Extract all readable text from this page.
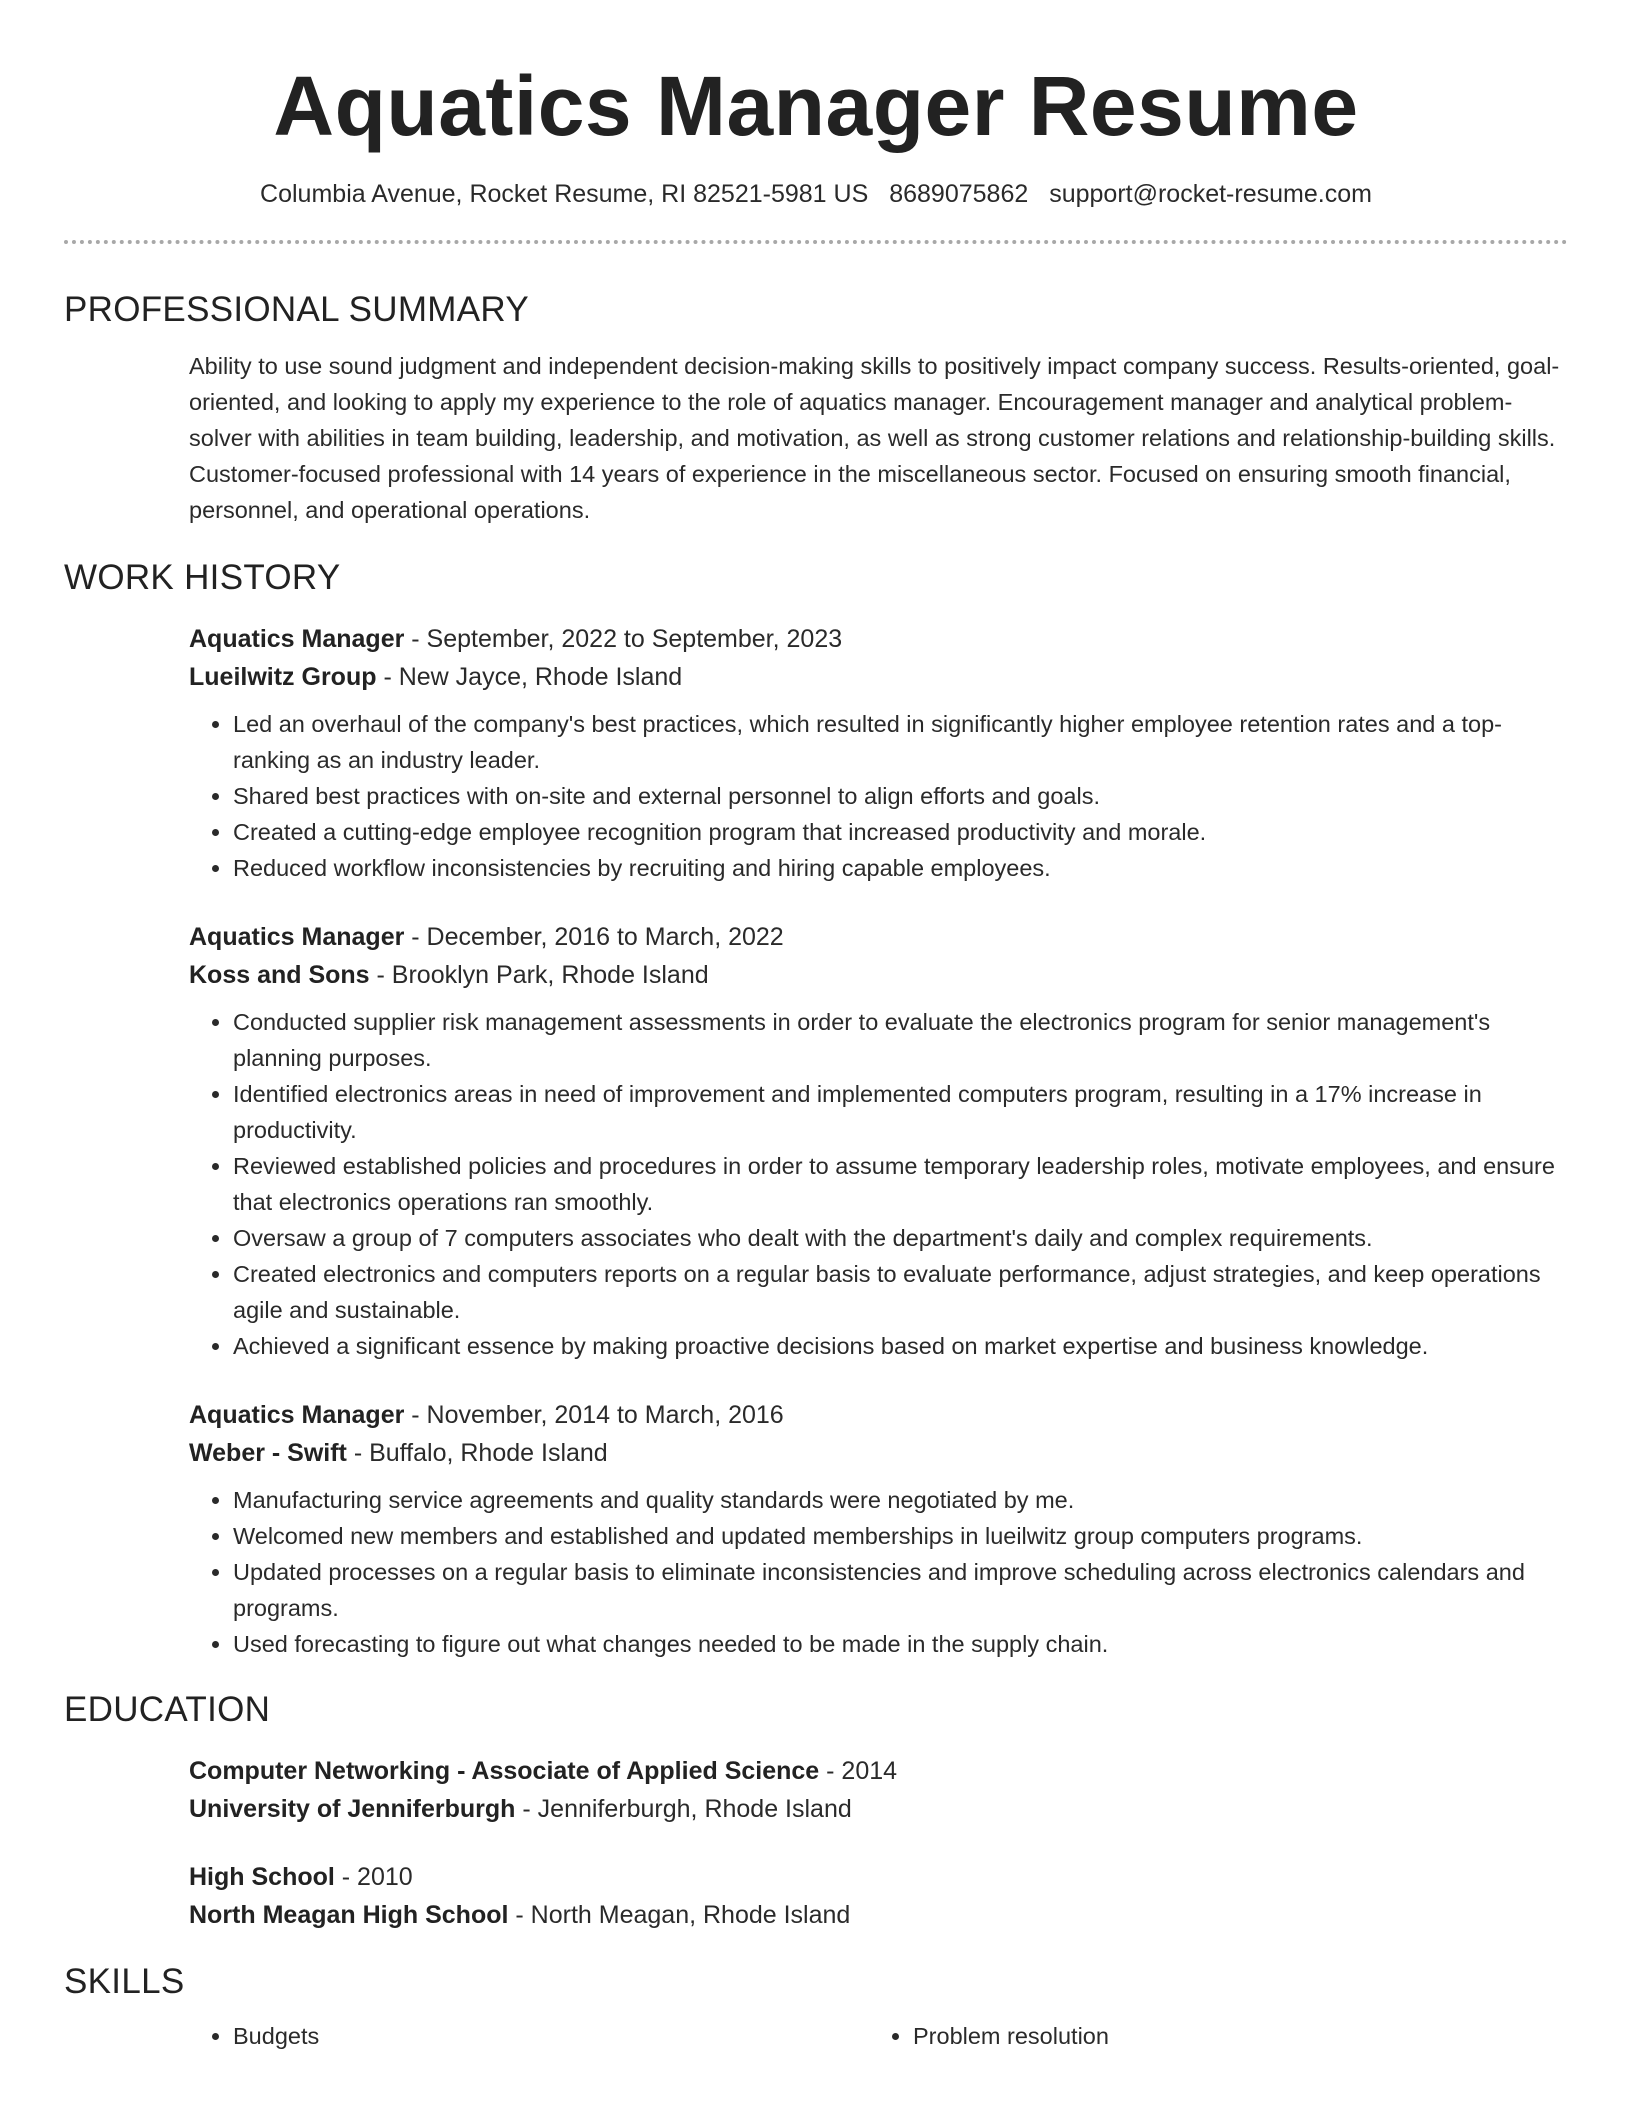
Aquatics Manager Resume
Columbia Avenue, Rocket Resume, RI 82521-5981 US 8689075862 support@rocket-resume.com
PROFESSIONAL SUMMARY

Ability to use sound judgment and independent decision-making skills to positively impact company success. Results-oriented, goal-oriented, and looking to apply my experience to the role of aquatics manager. Encouragement manager and analytical problem-solver with abilities in team building, leadership, and motivation, as well as strong customer relations and relationship-building skills. Customer-focused professional with 14 years of experience in the miscellaneous sector. Focused on ensuring smooth financial, personnel, and operational operations.

WORK HISTORY
Aquatics Manager - September, 2022 to September, 2023
Lueilwitz Group - New Jayce, Rhode Island
• Led an overhaul of the company's best practices, which resulted in significantly higher employee retention rates and a top-ranking as an industry leader.
• Shared best practices with on-site and external personnel to align efforts and goals.
• Created a cutting-edge employee recognition program that increased productivity and morale.
• Reduced workflow inconsistencies by recruiting and hiring capable employees.
Aquatics Manager - December, 2016 to March, 2022
Koss and Sons - Brooklyn Park, Rhode Island
• Conducted supplier risk management assessments in order to evaluate the electronics program for senior management's planning purposes.
• Identified electronics areas in need of improvement and implemented computers program, resulting in a 17% increase in productivity.
• Reviewed established policies and procedures in order to assume temporary leadership roles, motivate employees, and ensure that electronics operations ran smoothly.
• Oversaw a group of 7 computers associates who dealt with the department's daily and complex requirements.
• Created electronics and computers reports on a regular basis to evaluate performance, adjust strategies, and keep operations agile and sustainable.
• Achieved a significant essence by making proactive decisions based on market expertise and business knowledge.
Aquatics Manager - November, 2014 to March, 2016
Weber - Swift - Buffalo, Rhode Island
• Manufacturing service agreements and quality standards were negotiated by me.
• Welcomed new members and established and updated memberships in lueilwitz group computers programs.
• Updated processes on a regular basis to eliminate inconsistencies and improve scheduling across electronics calendars and programs.
• Used forecasting to figure out what changes needed to be made in the supply chain.
EDUCATION
Computer Networking - Associate of Applied Science - 2014
University of Jenniferburgh - Jenniferburgh, Rhode Island
High School - 2010
North Meagan High School - North Meagan, Rhode Island
SKILLS
• Budgets
•	Problem resolution
